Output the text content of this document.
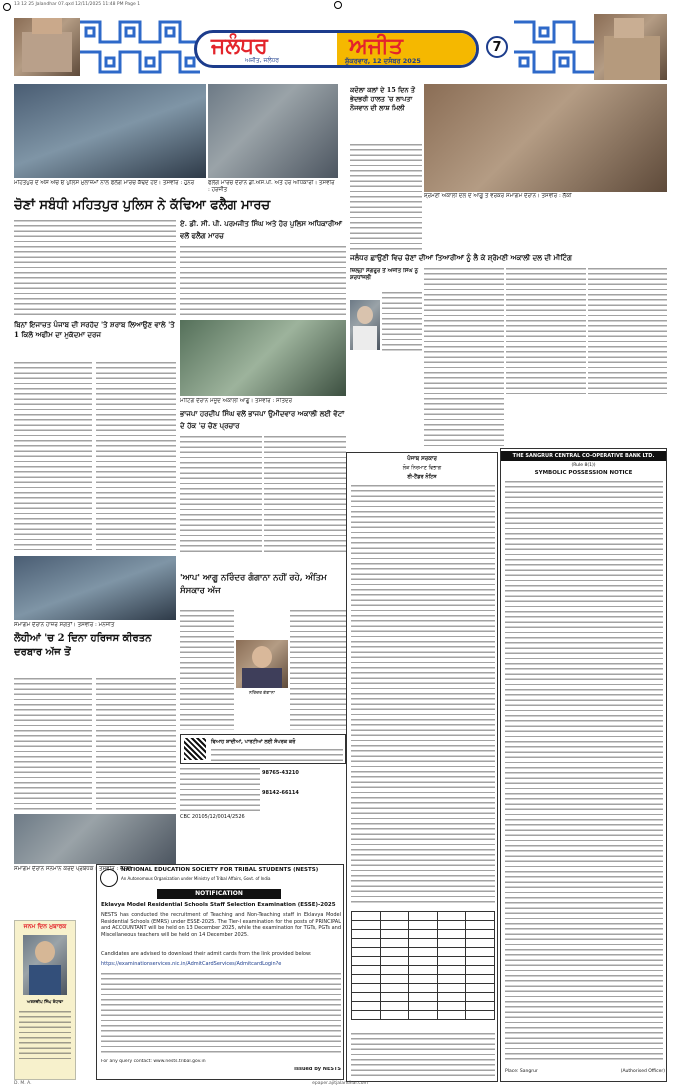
13 12 25 Jalandhar 07.qxd 12/11/2025 11:48 PM Page 1
ਜਲੰਧਰ	ਅਜੀਤ
ਅਜੀਤ, ਜਲੰਧਰ	ਸ਼ੁੱਕਰਵਾਰ, 12 ਦਸੰਬਰ 2025
7
ਮਹਿਤਪੁਰ ਦੇ ਐਸ ਐਚ ਓ ਪੁਲਿਸ ਮੁਲਾਜ਼ਮਾਂ ਨਾਲ ਫਲੈਗ ਮਾਰਚ ਕੱਢਦੇ ਹੋਏ। ਤਸਵੀਰ : ਹੁਨਰ	ਫਲੈਗ ਮਾਰਚ ਦੌਰਾਨ ਡੀ.ਐਸ.ਪੀ. ਅਤੇ ਹੋਰ ਅਧਿਕਾਰੀ। ਤਸਵੀਰ : ਹਰਜੀਤ
ਚੋਣਾਂ ਸਬੰਧੀ ਮਹਿਤਪੁਰ ਪੁਲਿਸ ਨੇ ਕੱਢਿਆ ਫਲੈਗ ਮਾਰਚ
ਏ. ਡੀ. ਸੀ. ਪੀ. ਪਰਮਜੀਤ ਸਿੰਘ ਅਤੇ ਹੋਰ ਪੁਲਿਸ ਅਧਿਕਾਰੀਆਂ ਵਲੋਂ ਫਲੈਗ ਮਾਰਚ
ਕਦੋਲਾ ਕਲਾਂ ਦੇ 15 ਦਿਨ ਤੋਂ ਭੇਦਭਰੀ ਹਾਲਤ 'ਚ ਲਾਪਤਾ ਨੌਜਵਾਨ ਦੀ ਲਾਸ਼ ਮਿਲੀ
ਸ਼੍ਰੋਮਣੀ ਅਕਾਲੀ ਦਲ ਦੇ ਆਗੂ ਤੇ ਵਰਕਰ ਸਮਾਗਮ ਦੌਰਾਨ। ਤਸਵੀਰ : ਲੱਕੀ
ਜਲੰਧਰ ਛਾਉਣੀ ਵਿਚ ਚੋਣਾਂ ਦੀਆਂ ਤਿਆਰੀਆਂ ਨੂੰ ਲੈ ਕੇ ਸ਼੍ਰੋਮਣੀ ਅਕਾਲੀ ਦਲ ਦੀ ਮੀਟਿੰਗ
ਜ਼ਿਲ੍ਹਾ ਸੰਗਰੂਰ ਤੋਂ ਅਜੀਤ ਸਿੰਘ ਨੂੰ ਸ਼ਰਧਾਂਜਲੀ
ਬਿਨਾਂ ਇਜਾਜ਼ਤ ਪੰਜਾਬ ਦੀ ਸਰਹੱਦ 'ਤੇ ਸ਼ਰਾਬ ਲਿਆਉਣ ਵਾਲੇ 'ਤੇ 1 ਕਿਲੋ ਅਫੀਮ ਦਾ ਮੁਕੱਦਮਾ ਦਰਜ
ਮੀਟਿੰਗ ਦੌਰਾਨ ਮੌਜੂਦ ਅਕਾਲੀ ਆਗੂ। ਤਸਵੀਰ : ਸਤਿੰਦਰ
ਭਾਜਪਾ ਹਰਦੀਪ ਸਿੰਘ ਵਲੋਂ ਭਾਜਪਾ ਉਮੀਦਵਾਰ ਅਕਾਲੀ ਲਈ ਵੋਟਾਂ ਦੇ ਹੱਕ 'ਚ ਚੋਣ ਪ੍ਰਚਾਰ
ਪੰਜਾਬ ਸਰਕਾਰ
ਲੋਕ ਨਿਰਮਾਣ ਵਿਭਾਗ
ਈ-ਟੈਂਡਰ ਨੋਟਿਸ

THE SANGRUR CENTRAL CO-OPERATIVE BANK LTD.
(Rule 8(1))
SYMBOLIC POSSESSION NOTICE
Place: Sangrur	(Authorised Officer)
ਸਮਾਗਮ ਦੌਰਾਨ ਹਾਜ਼ਰ ਸੰਗਤਾਂ। ਤਸਵੀਰ : ਮਨਜੀਤ
ਲੋਹੀਆਂ 'ਚ 2 ਦਿਨਾ ਹਰਿਜਸ ਕੀਰਤਨ ਦਰਬਾਰ ਅੱਜ ਤੋਂ
'ਆਪ' ਆਗੂ ਨਰਿੰਦਰ ਗੰਗਾਨਾ ਨਹੀਂ ਰਹੇ, ਅੰਤਿਮ ਸੰਸਕਾਰ ਅੱਜ
ਨਰਿੰਦਰ ਗੰਗਾਨਾ
ਵਿਆਹ ਸ਼ਾਦੀਆਂ, ਪਾਰਟੀਆਂ ਲਈ ਸੰਪਰਕ ਕਰੋ
98765-43210
98142-66114
CBC 20105/12/0014/2526
ਸਮਾਗਮ ਦੌਰਾਨ ਸਨਮਾਨ ਕਰਦੇ ਪ੍ਰਬੰਧਕ। ਤਸਵੀਰ : ਜੱਸਲ
ਜਨਮ ਦਿਨ ਮੁਬਾਰਕ
ਅਰਸ਼ਦੀਪ ਸਿੰਘ ਰੰਧਾਵਾ
NATIONAL EDUCATION SOCIETY FOR TRIBAL STUDENTS (NESTS)
An Autonomous Organization under Ministry of Tribal Affairs, Govt. of India
NOTIFICATION
Eklavya Model Residential Schools Staff Selection Examination (ESSE)-2025
NESTS has conducted the recruitment of Teaching and Non-Teaching staff in Eklavya Model Residential Schools (EMRS) under ESSE-2025. The Tier-I examination for the posts of PRINCIPAL and ACCOUNTANT will be held on 13 December 2025, while the examination for TGTs, PGTs and Miscellaneous teachers will be held on 14 December 2025.
Candidates are advised to download their admit cards from the link provided below:
https://examinationservices.nic.in/AdmitCardServices/AdmitcardLogin?e
For any query contact: www.nests.tribal.gov.in
Issued by NESTS
D. M. A.	epaper.ajitjalandhar.com
